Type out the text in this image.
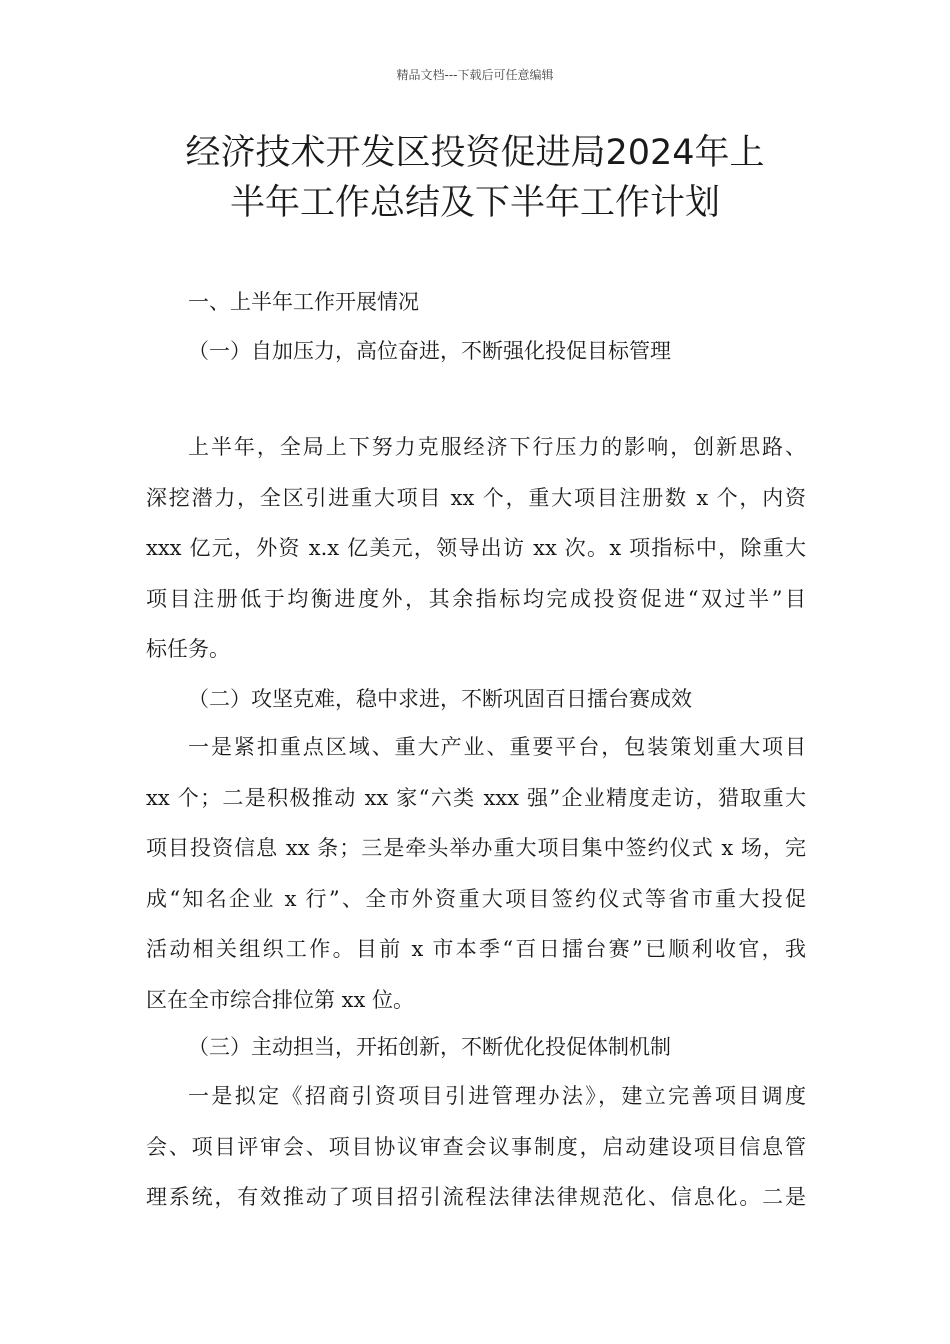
精品文档---下载后可任意编辑
经济技术开发区投资促进局2024年上
半年工作总结及下半年工作计划
一、上半年工作开展情况
（一）自加压力，高位奋进，不断强化投促目标管理

上半年，全局上下努力克服经济下行压力的影响，创新思路、
深挖潜力，全区引进重大项目 xx 个，重大项目注册数 x 个，内资
xxx 亿元，外资 x.x 亿美元，领导出访 xx 次。x 项指标中，除重大
项目注册低于均衡进度外，其余指标均完成投资促进“双过半”目
标任务。

（二）攻坚克难，稳中求进，不断巩固百日擂台赛成效

一是紧扣重点区域、重大产业、重要平台，包装策划重大项目
xx 个；二是积极推动 xx 家“六类 xxx 强”企业精度走访，猎取重大
项目投资信息 xx 条；三是牵头举办重大项目集中签约仪式 x 场，完
成“知名企业 x 行”、全市外资重大项目签约仪式等省市重大投促
活动相关组织工作。目前 x 市本季“百日擂台赛”已顺利收官，我
区在全市综合排位第 xx 位。

（三）主动担当，开拓创新，不断优化投促体制机制

一是拟定《招商引资项目引进管理办法》，建立完善项目调度
会、项目评审会、项目协议审查会议事制度，启动建设项目信息管
理系统，有效推动了项目招引流程法律法律规范化、信息化。二是
